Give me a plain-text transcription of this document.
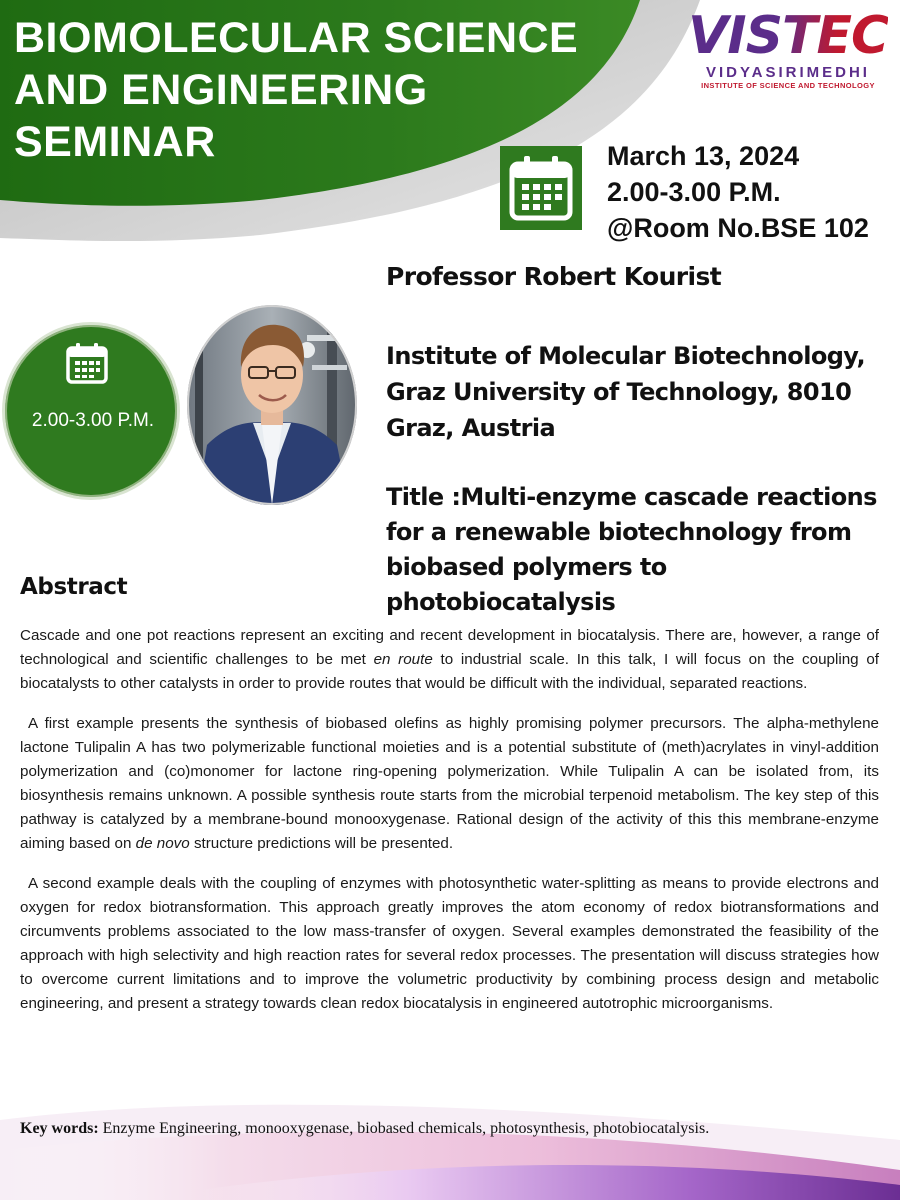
BIOMOLECULAR SCIENCE
AND ENGINEERING
SEMINAR
VISTEC
VIDYASIRIMEDHI
INSTITUTE OF SCIENCE AND TECHNOLOGY
March 13, 2024
2.00-3.00 P.M.
@Room No.BSE 102
2.00-3.00 P.M.
Professor Robert Kourist
Institute of Molecular Biotechnology, Graz University of Technology, 8010 Graz, Austria
Title :Multi-enzyme cascade reactions for a renewable biotechnology from biobased polymers to photobiocatalysis
Abstract

Cascade and one pot reactions represent an exciting and recent development in biocatalysis. There are, however, a range of technological and scientific challenges to be met en route to industrial scale. In this talk, I will focus on the coupling of biocatalysts to other catalysts in order to provide routes that would be difficult with the individual, separated reactions.

A first example presents the synthesis of biobased olefins as highly promising polymer precursors. The alpha-methylene lactone Tulipalin A has two polymerizable functional moieties and is a potential substitute of (meth)acrylates in vinyl-addition polymerization and (co)monomer for lactone ring-opening polymerization. While Tulipalin A can be isolated from, its biosynthesis remains unknown. A possible synthesis route starts from the microbial terpenoid metabolism. The key step of this pathway is catalyzed by a membrane-bound monooxygenase. Rational design of the activity of this this membrane-enzyme aiming based on de novo structure predictions will be presented.

A second example deals with the coupling of enzymes with photosynthetic water-splitting as means to provide electrons and oxygen for redox biotransformation. This approach greatly improves the atom economy of redox biotransformations and circumvents problems associated to the low mass-transfer of oxygen. Several examples demonstrated the feasibility of the approach with high selectivity and high reaction rates for several redox processes. The presentation will discuss strategies how to overcome current limitations and to improve the volumetric productivity by combining process design and metabolic engineering, and present a strategy towards clean redox biocatalysis in engineered autotrophic microorganisms.

Key words: Enzyme Engineering, monooxygenase, biobased chemicals, photosynthesis, photobiocatalysis.
